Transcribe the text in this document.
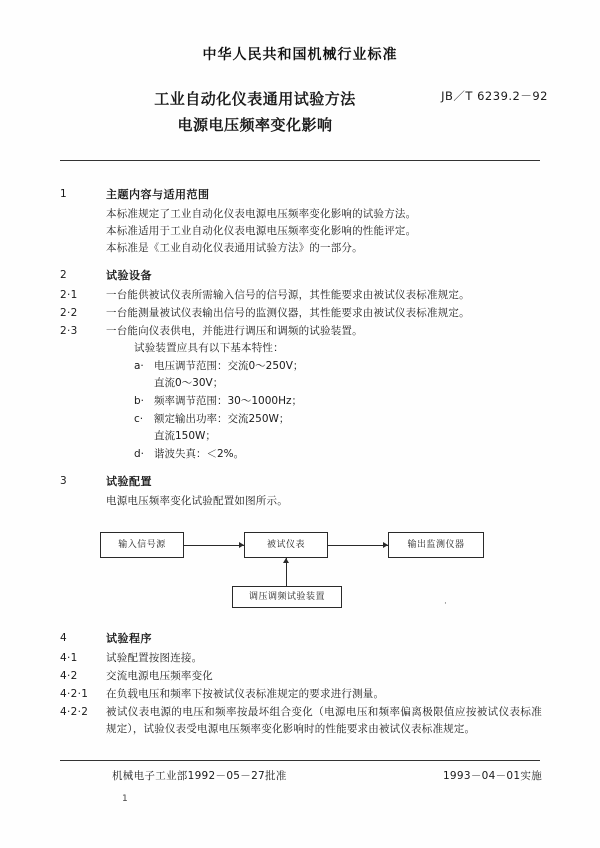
中华人民共和国机械行业标准
工业自动化仪表通用试验方法
电源电压频率变化影响
JB／T 6239.2－92
1	主题内容与适用范围
本标准规定了工业自动化仪表电源电压频率变化影响的试验方法。
本标准适用于工业自动化仪表电源电压频率变化影响的性能评定。
本标准是《工业自动化仪表通用试验方法》的一部分。
2	试验设备
2·1	一台能供被试仪表所需输入信号的信号源，其性能要求由被试仪表标准规定。
2·2	一台能测量被试仪表输出信号的监测仪器，其性能要求由被试仪表标准规定。
2·3	一台能向仪表供电，并能进行调压和调频的试验装置。
试验装置应具有以下基本特性：
a· 电压调节范围：交流0～250V；
直流0～30V；
b· 频率调节范围：30～1000Hz；
c·	额定输出功率：交流250W；
直流150W；
d· 谐波失真：＜2%。
3	试验配置
电源电压频率变化试验配置如图所示。
输入信号源	被试仪表	输出监测仪器
调压调频试验装置
·
4	试验程序
4·1	试验配置按图连接。
4·2	交流电源电压频率变化
4·2·1	在负载电压和频率下按被试仪表标准规定的要求进行测量。
4·2·2	被试仪表电源的电压和频率按最坏组合变化（电源电压和频率偏离极限值应按被试仪表标准规定），试验仪表受电源电压频率变化影响时的性能要求由被试仪表标准规定。
机械电子工业部1992－05－27批准	1993－04－01实施
1
